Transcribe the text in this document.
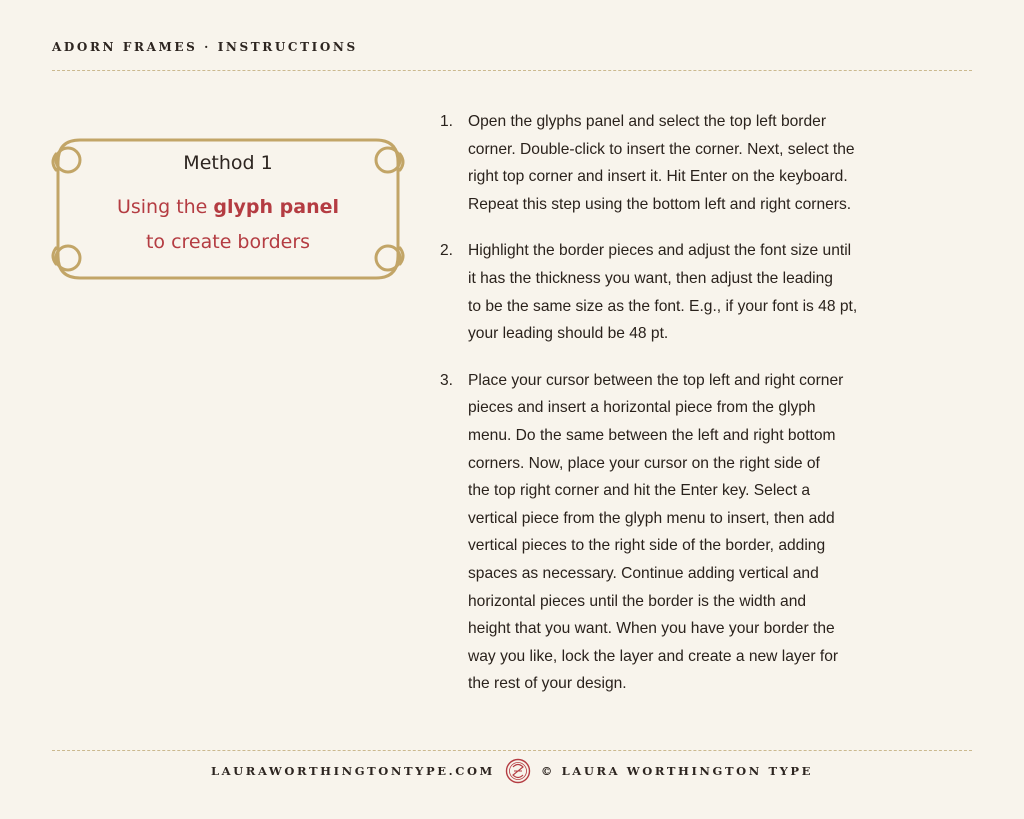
ADORN FRAMES · INSTRUCTIONS
Method 1
Using the glyph panel
to create borders
1. Open the glyphs panel and select the top left border
corner. Double-click to insert the corner. Next, select the
right top corner and insert it. Hit Enter on the keyboard.
Repeat this step using the bottom left and right corners.
2. Highlight the border pieces and adjust the font size until
it has the thickness you want, then adjust the leading
to be the same size as the font. E.g., if your font is 48 pt,
your leading should be 48 pt.
3. Place your cursor between the top left and right corner
pieces and insert a horizontal piece from the glyph
menu. Do the same between the left and right bottom
corners. Now, place your cursor on the right side of
the top right corner and hit the Enter key. Select a
vertical piece from the glyph menu to insert, then add
vertical pieces to the right side of the border, adding
spaces as necessary. Continue adding vertical and
horizontal pieces until the border is the width and
height that you want. When you have your border the
way you like, lock the layer and create a new layer for
the rest of your design.
LAURAWORTHINGTONTYPE.COM	© LAURA WORTHINGTON TYPE
